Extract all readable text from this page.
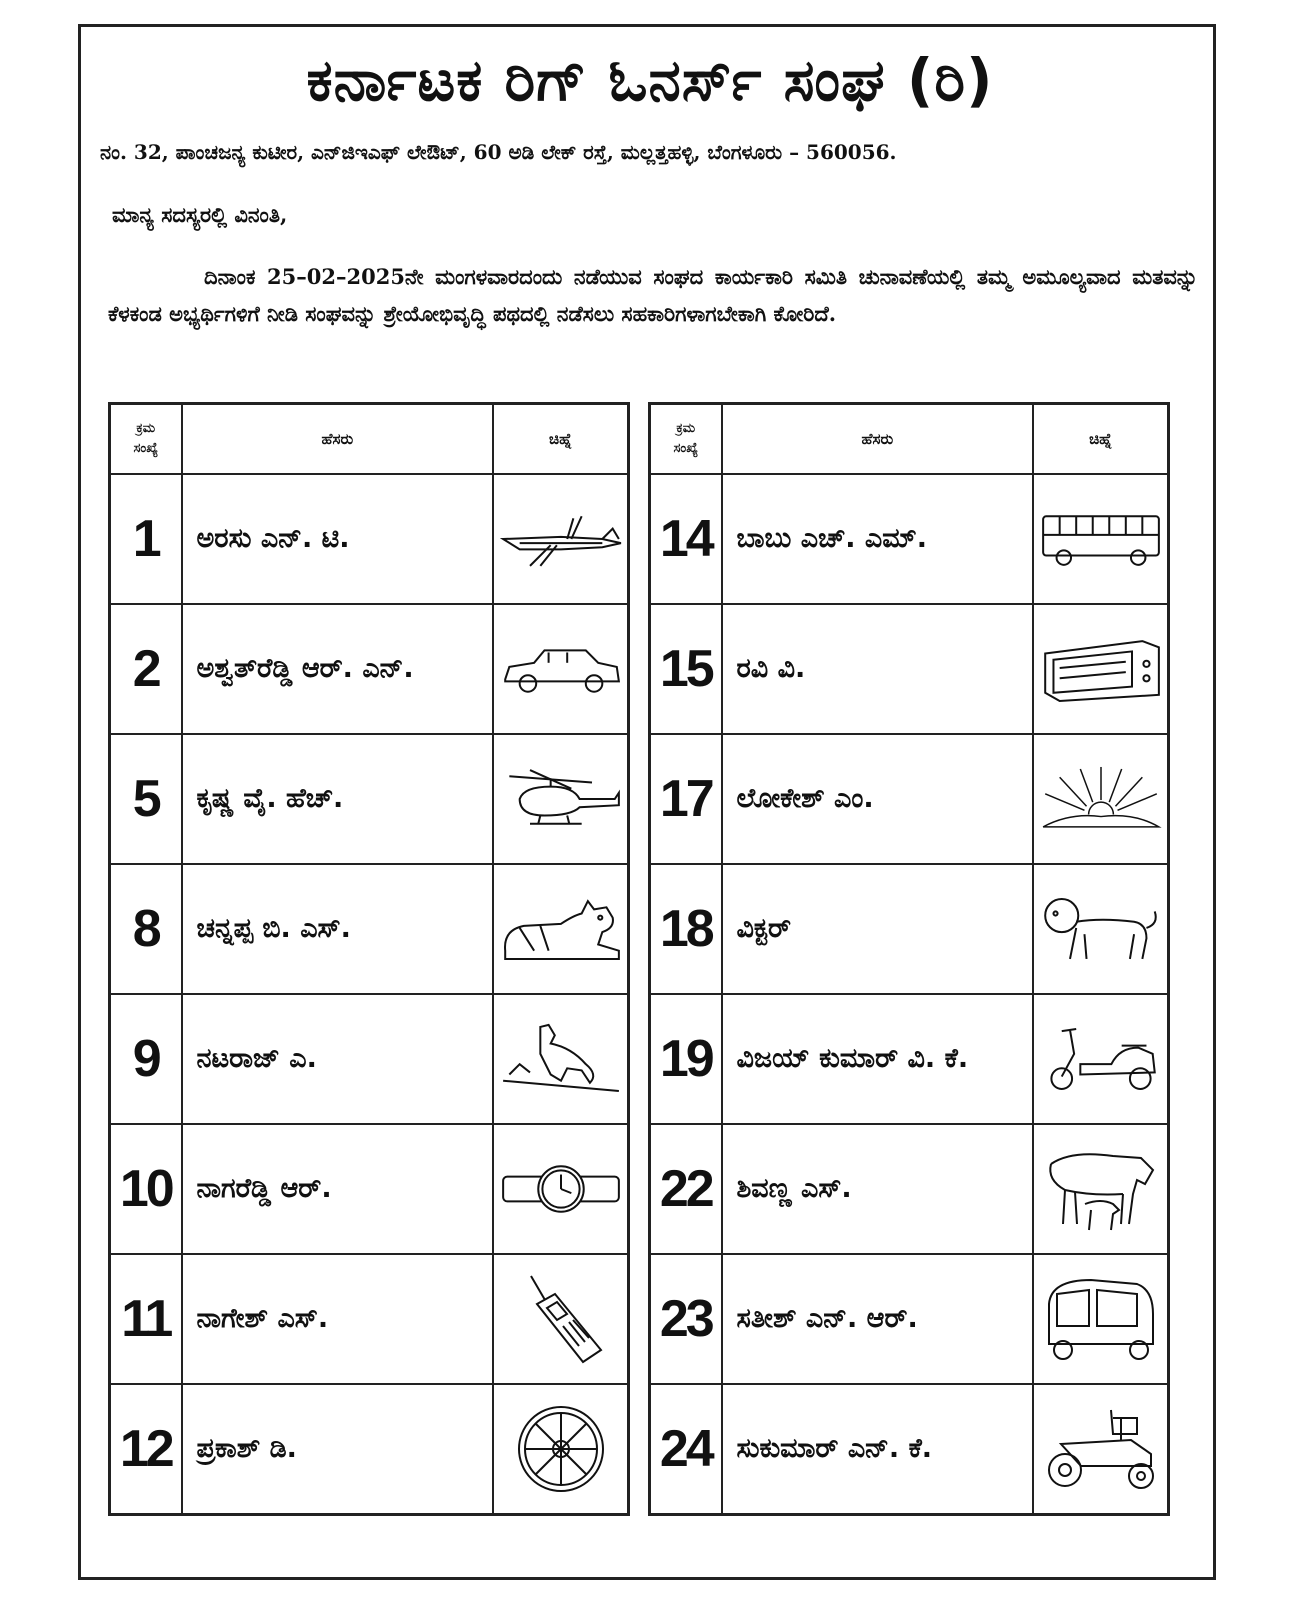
ಕರ್ನಾಟಕ ರಿಗ್ ಓನರ್ಸ್ ಸಂಘ (ರಿ)
ನಂ. 32, ಪಾಂಚಜನ್ಯ ಕುಟೀರ, ಎನ್‌ಜಿಇಎಫ್ ಲೇಔಟ್, 60 ಅಡಿ ಲೇಕ್ ರಸ್ತೆ, ಮಲ್ಲತ್ತಹಳ್ಳಿ, ಬೆಂಗಳೂರು – 560056.
ಮಾನ್ಯ ಸದಸ್ಯರಲ್ಲಿ ವಿನಂತಿ,
ದಿನಾಂಕ 25–02–2025ನೇ ಮಂಗಳವಾರದಂದು ನಡೆಯುವ ಸಂಘದ ಕಾರ್ಯಕಾರಿ ಸಮಿತಿ ಚುನಾವಣೆಯಲ್ಲಿ ತಮ್ಮ ಅಮೂಲ್ಯವಾದ ಮತವನ್ನು ಕೆಳಕಂಡ ಅಭ್ಯರ್ಥಿಗಳಿಗೆ ನೀಡಿ ಸಂಘವನ್ನು ಶ್ರೇಯೋಭಿವೃದ್ಧಿ ಪಥದಲ್ಲಿ ನಡೆಸಲು ಸಹಕಾರಿಗಳಾಗಬೇಕಾಗಿ ಕೋರಿದೆ.
ಕ್ರಮ
ಸಂಖ್ಯೆ	ಹೆಸರು	ಚಿಹ್ನೆ
1	ಅರಸು ಎನ್. ಟಿ.	

2	ಅಶ್ವತ್‌ರೆಡ್ಡಿ ಆರ್. ಎನ್.	

5	ಕೃಷ್ಣ ವೈ. ಹೆಚ್.	

8	ಚನ್ನಪ್ಪ ಬಿ. ಎಸ್.	

9	ನಟರಾಜ್ ಎ.	

10	ನಾಗರೆಡ್ಡಿ ಆರ್.	

11	ನಾಗೇಶ್ ಎಸ್.	

12	ಪ್ರಕಾಶ್ ಡಿ.	
ಕ್ರಮ
ಸಂಖ್ಯೆ	ಹೆಸರು	ಚಿಹ್ನೆ
14	ಬಾಬು ಎಚ್. ಎಮ್.	

15	ರವಿ ವಿ.	

17	ಲೋಕೇಶ್ ಎಂ.	

18	ವಿಕ್ಟರ್	

19	ವಿಜಯ್ ಕುಮಾರ್ ವಿ. ಕೆ.	

22	ಶಿವಣ್ಣ ಎಸ್.	

23	ಸತೀಶ್ ಎನ್. ಆರ್.	

24	ಸುಕುಮಾರ್ ಎನ್. ಕೆ.	
